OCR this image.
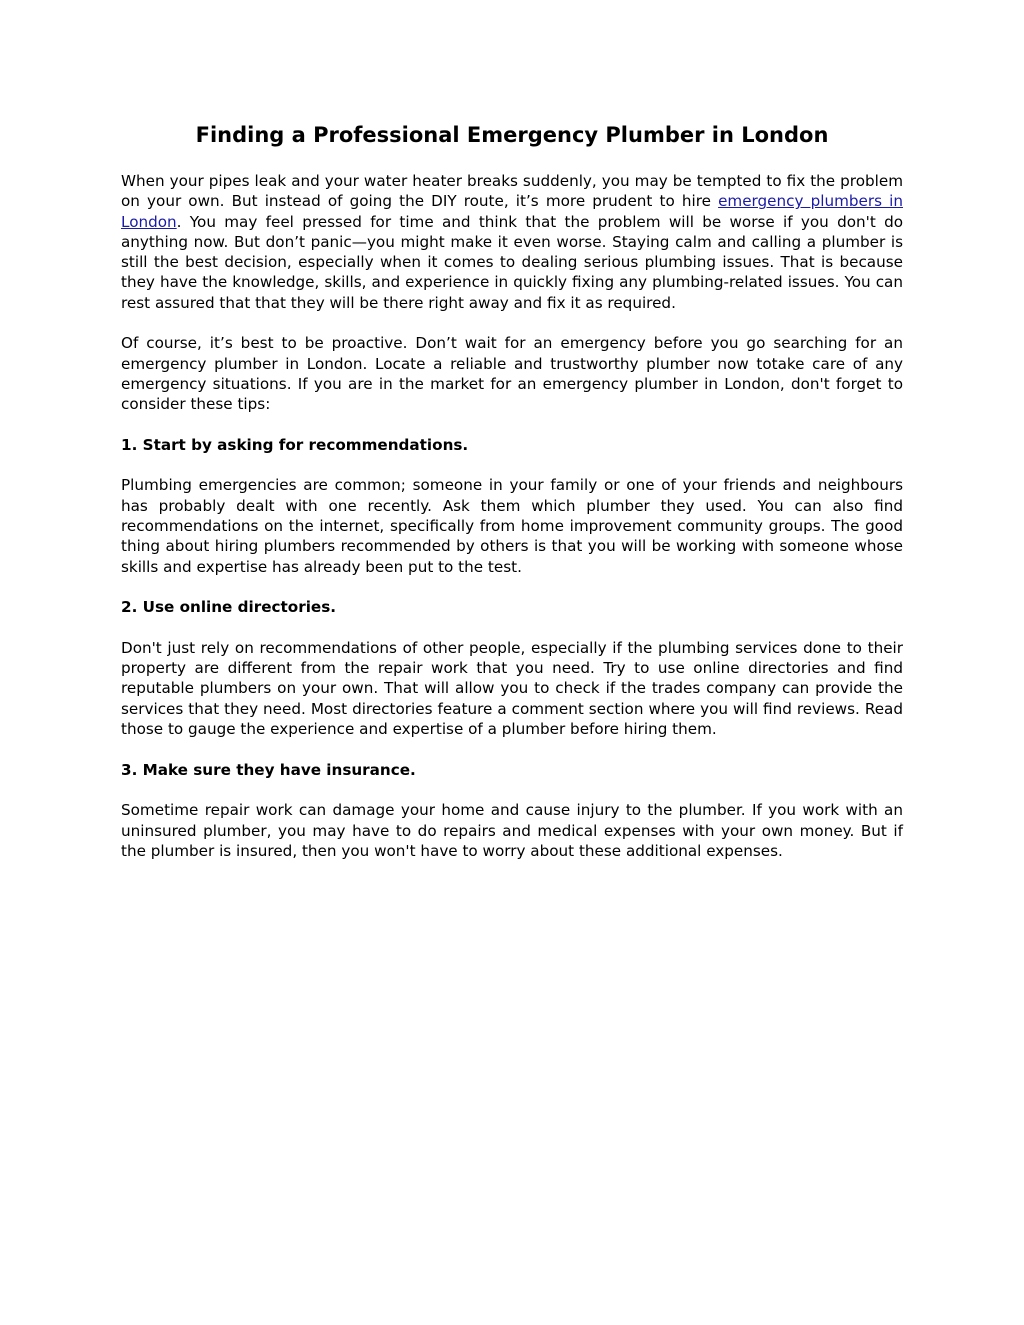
Finding a Professional Emergency Plumber in London

When your pipes leak and your water heater breaks suddenly, you may be tempted to fix the problem on your own. But instead of going the DIY route, it’s more prudent to hire emergency plumbers in London. You may feel pressed for time and think that the problem will be worse if you don't do anything now. But don’t panic—you might make it even worse. Staying calm and calling a plumber is still the best decision, especially when it comes to dealing serious plumbing issues. That is because they have the knowledge, skills, and experience in quickly fixing any plumbing-related issues. You can rest assured that that they will be there right away and fix it as required.

Of course, it’s best to be proactive. Don’t wait for an emergency before you go searching for an emergency plumber in London. Locate a reliable and trustworthy plumber now totake care of any emergency situations. If you are in the market for an emergency plumber in London, don't forget to consider these tips:

1. Start by asking for recommendations.

Plumbing emergencies are common; someone in your family or one of your friends and neighbours has probably dealt with one recently. Ask them which plumber they used. You can also find recommendations on the internet, specifically from home improvement community groups. The good thing about hiring plumbers recommended by others is that you will be working with someone whose skills and expertise has already been put to the test.

2. Use online directories.

Don't just rely on recommendations of other people, especially if the plumbing services done to their property are different from the repair work that you need. Try to use online directories and find reputable plumbers on your own. That will allow you to check if the trades company can provide the services that they need. Most directories feature a comment section where you will find reviews. Read those to gauge the experience and expertise of a plumber before hiring them.

3. Make sure they have insurance.

Sometime repair work can damage your home and cause injury to the plumber. If you work with an uninsured plumber, you may have to do repairs and medical expenses with your own money. But if the plumber is insured, then you won't have to worry about these additional expenses.
